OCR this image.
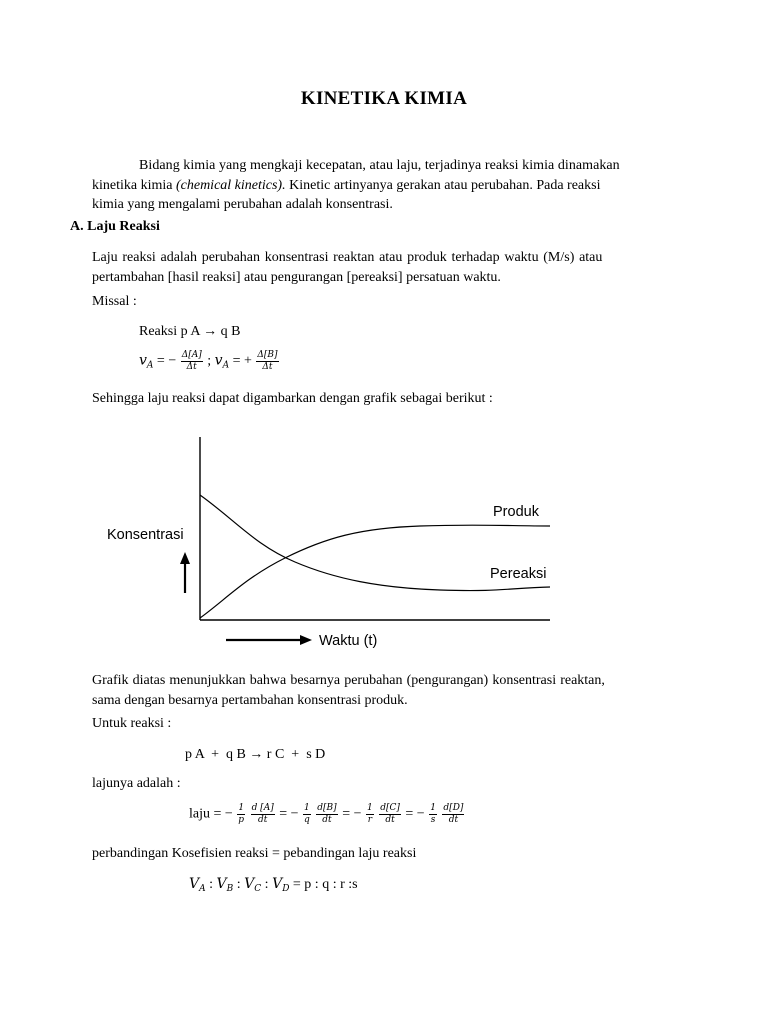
KINETIKA KIMIA
Bidang kimia yang mengkaji kecepatan, atau laju, terjadinya reaksi kimia dinamakan
kinetika kimia (chemical kinetics). Kinetic artinyanya gerakan atau perubahan. Pada reaksi
kimia yang mengalami perubahan adalah konsentrasi.
A. Laju Reaksi
Laju reaksi adalah perubahan konsentrasi reaktan atau produk terhadap waktu (M/s) atau
pertambahan [hasil reaksi] atau pengurangan [pereaksi] persatuan waktu.
Missal :
Reaksi p A → q B
$v_A$ = − $\frac{\Delta[A]}{\Delta t}$ ; $v_A$ = + $\frac{\Delta[B]}{\Delta t}$
Sehingga laju reaksi dapat digambarkan dengan grafik sebagai berikut :
Konsentrasi
Waktu (t)
Produk
Pereaksi
Grafik diatas menunjukkan bahwa besarnya perubahan (pengurangan) konsentrasi reaktan,
sama dengan besarnya pertambahan konsentrasi produk.
Untuk reaksi :
p A  +  q B → r C  +  s D
lajunya adalah :
laju = − $\frac{1}{p}$
$\frac{d [A]}{dt}$ = − $\frac{1}{q}$
$\frac{d[B]}{dt}$ = − $\frac{1}{r}$
$\frac{d[C]}{dt}$ = − $\frac{1}{s}$
$\frac{d[D]}{dt}$
perbandingan Kosefisien reaksi = pebandingan laju reaksi
$V_A$ : $V_B$ : $V_C$ : $V_D = p$ : q : r :s
